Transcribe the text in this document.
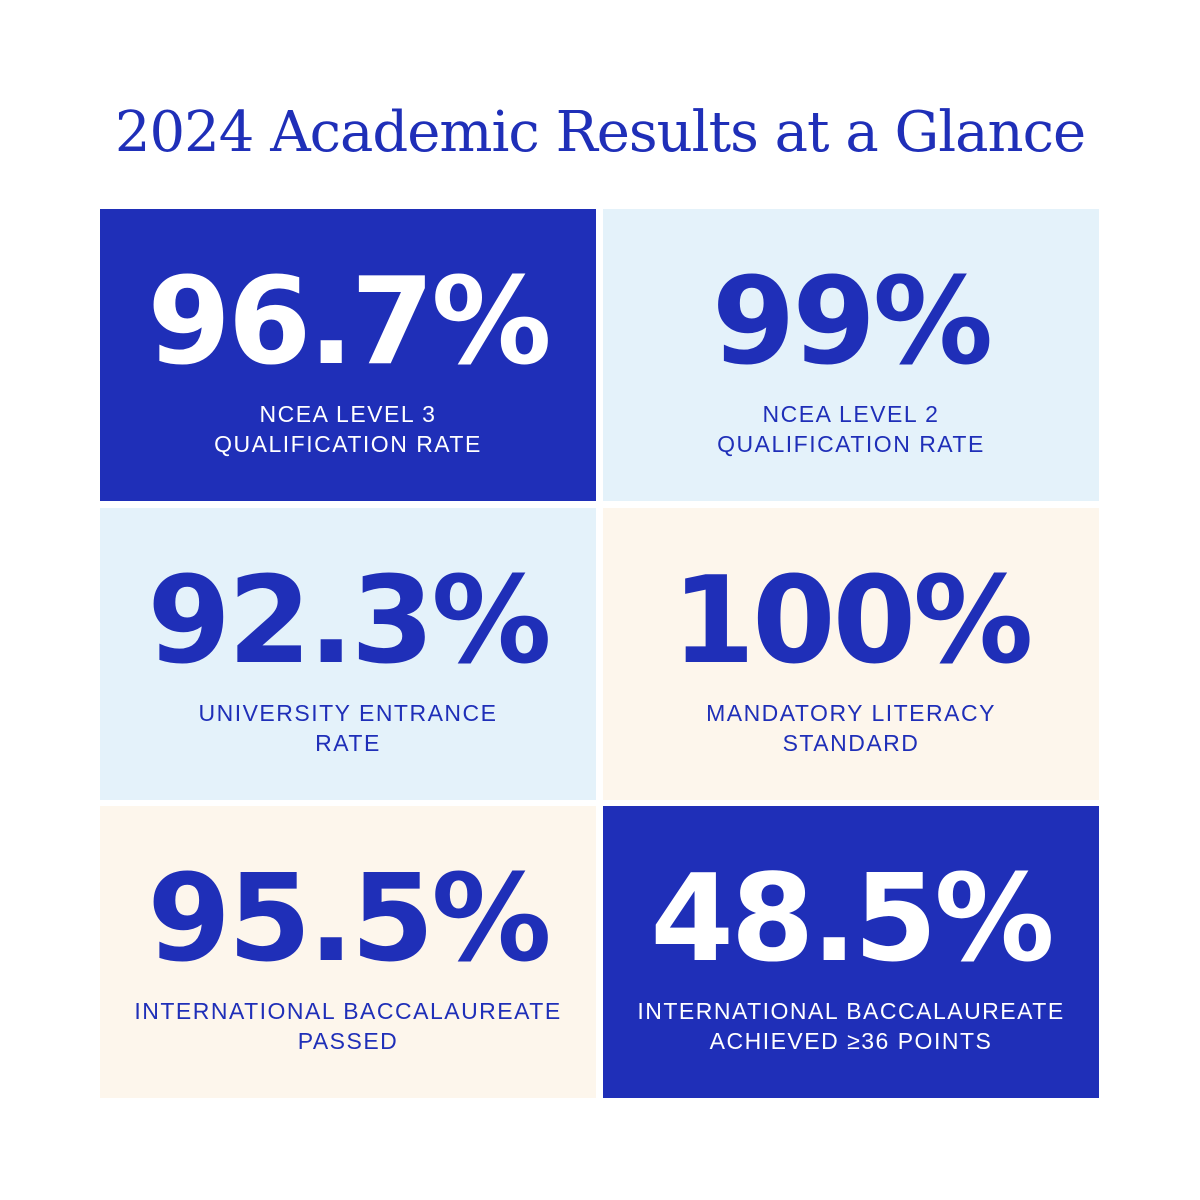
2024 Academic Results at a Glance
96.7%
NCEA LEVEL 3
QUALIFICATION RATE
99%
NCEA LEVEL 2
QUALIFICATION RATE
92.3%
UNIVERSITY ENTRANCE
RATE
100%
MANDATORY LITERACY
STANDARD
95.5%
INTERNATIONAL BACCALAUREATE
PASSED
48.5%
INTERNATIONAL BACCALAUREATE
ACHIEVED ≥36 POINTS
